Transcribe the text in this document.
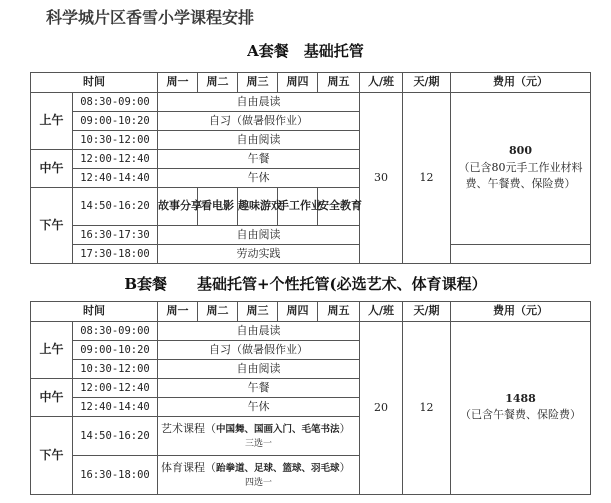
科学城片区香雪小学课程安排
A套餐　基础托管
时间		周一	周二	周三	周四	周五	人/班	天/期	费用（元）
上午	08:30-09:00	自由晨读					30	12	800
（已含80元手工作业材料费、午餐费、保险费）

	09:00-10:20	自习（做暑假作业）							
	10:30-12:00	自由阅读							
中午	12:00-12:40	午餐							
	12:40-14:40	午休							
下午	14:50-16:20	故事分享	看电影	趣味游戏	手工作业	安全教育			
	16:30-17:30	自由阅读							
	17:30-18:00	劳动实践							
B套餐　　基础托管+个性托管(必选艺术、体育课程）
时间		周一	周二	周三	周四	周五	人/班	天/期	费用（元）
上午	08:30-09:00	自由晨读					20	12	1488
（已含午餐费、保险费）

	09:00-10:20	自习（做暑假作业）							
	10:30-12:00	自由阅读							
中午	12:00-12:40	午餐							
	12:40-14:40	午休							
下午	14:50-16:20	艺术课程（中国舞、国画入门、毛笔书法）
三选一							

	16:30-18:00	体育课程（跆拳道、足球、篮球、羽毛球）
四选一							
